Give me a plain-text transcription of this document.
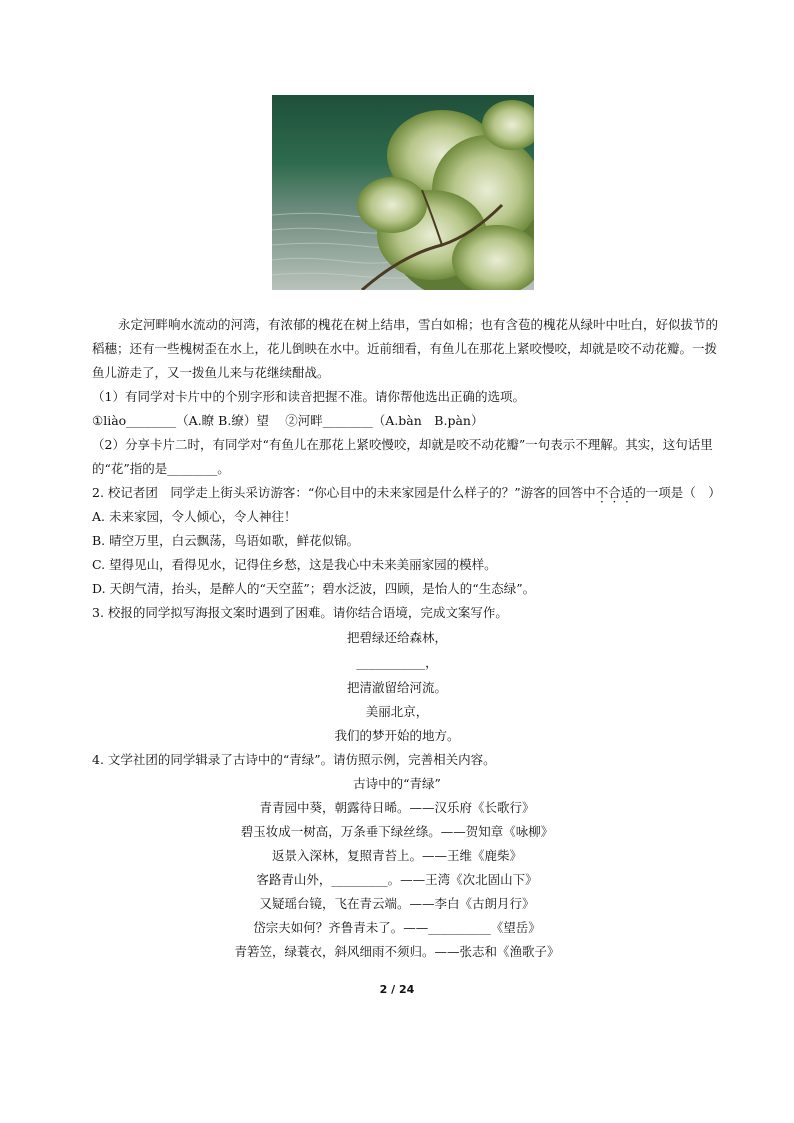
永定河畔响水流动的河湾，有浓郁的槐花在树上结串，雪白如棉；也有含苞的槐花从绿叶中吐白，好似拔节的
稻穗；还有一些槐树歪在水上，花儿倒映在水中。近前细看，有鱼儿在那花上紧咬慢咬，却就是咬不动花瓣。一拨
鱼儿游走了，又一拨鱼儿来与花继续酣战。
（1）有同学对卡片中的个别字形和读音把握不准。请你帮他选出正确的选项。
①liào________（A.瞭 B.缭）望　 ②河畔________（A.bàn　B.pàn）
（2）分享卡片二时，有同学对“有鱼儿在那花上紧咬慢咬，却就是咬不动花瓣”一句表示不理解。其实，这句话里
的“花”指的是________。
2. 校记者团　同学走上街头采访游客：“你心目中的未来家园是什么样子的？”游客的回答中不合适的一项是（　）
A. 未来家园，令人倾心，令人神往！
B. 晴空万里，白云飘荡，鸟语如歌，鲜花似锦。
C. 望得见山，看得见水，记得住乡愁，这是我心中未来美丽家园的模样。
D. 天朗气清，抬头，是醉人的“天空蓝”；碧水泛波，四顾，是怡人的“生态绿”。
3. 校报的同学拟写海报文案时遇到了困难。请你结合语境，完成文案写作。
把碧绿还给森林，
___________，
把清澈留给河流。
美丽北京，
我们的梦开始的地方。
4. 文学社团的同学辑录了古诗中的“青绿”。请仿照示例，完善相关内容。
古诗中的“青绿”
青青园中葵，朝露待日晞。——汉乐府《长歌行》
碧玉妆成一树高，万条垂下绿丝绦。——贺知章《咏柳》
返景入深林，复照青苔上。——王维《鹿柴》
客路青山外，_________。——王湾《次北固山下》
又疑瑶台镜，飞在青云端。——李白《古朗月行》
岱宗夫如何？齐鲁青未了。——__________《望岳》
青箬笠，绿蓑衣，斜风细雨不须归。——张志和《渔歌子》
2 / 24
